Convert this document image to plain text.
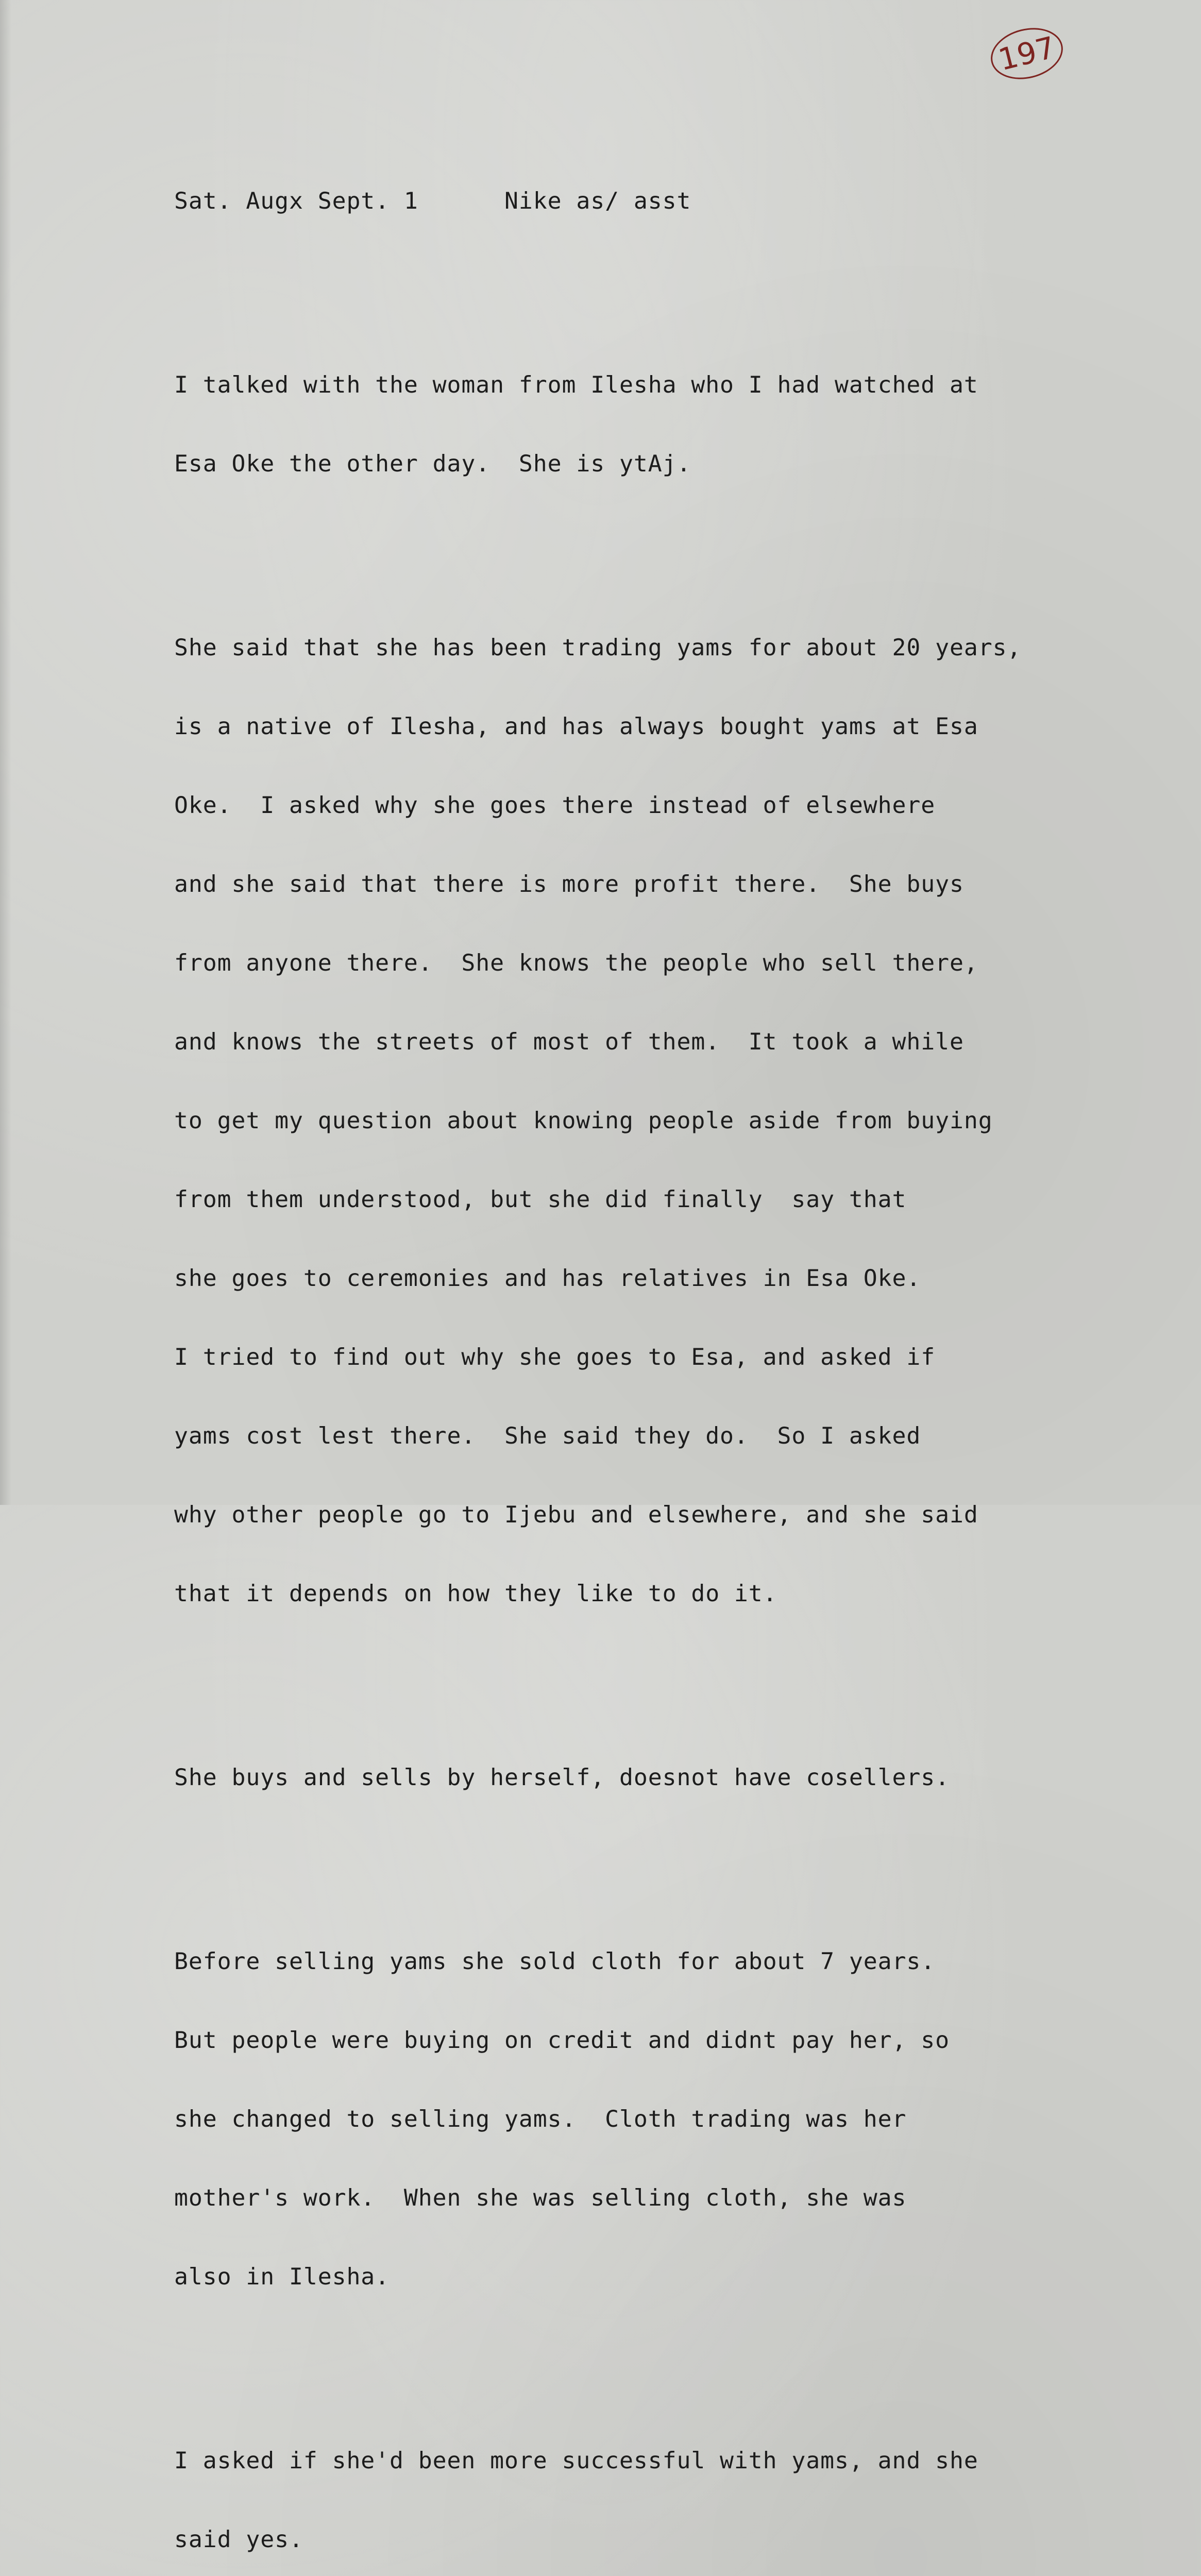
197

Sat. Augx Sept. 1      Nike as/ asst

I talked with the woman from Ilesha who I had watched at

Esa Oke the other day.  She is ytAj.

She said that she has been trading yams for about 20 years,

is a native of Ilesha, and has always bought yams at Esa

Oke.  I asked why she goes there instead of elsewhere

and she said that there is more profit there.  She buys

from anyone there.  She knows the people who sell there,

and knows the streets of most of them.  It took a while

to get my question about knowing people aside from buying

from them understood, but she did finally  say that

she goes to ceremonies and has relatives in Esa Oke.

I tried to find out why she goes to Esa, and asked if

yams cost lest there.  She said they do.  So I asked

why other people go to Ijebu and elsewhere, and she said

that it depends on how they like to do it.

She buys and sells by herself, doesnot have cosellers.

Before selling yams she sold cloth for about 7 years.

But people were buying on credit and didnt pay her, so

she changed to selling yams.  Cloth trading was her

mother's work.  When she was selling cloth, she was

also in Ilesha.

I asked if she'd been more successful with yams, and she

said yes.
